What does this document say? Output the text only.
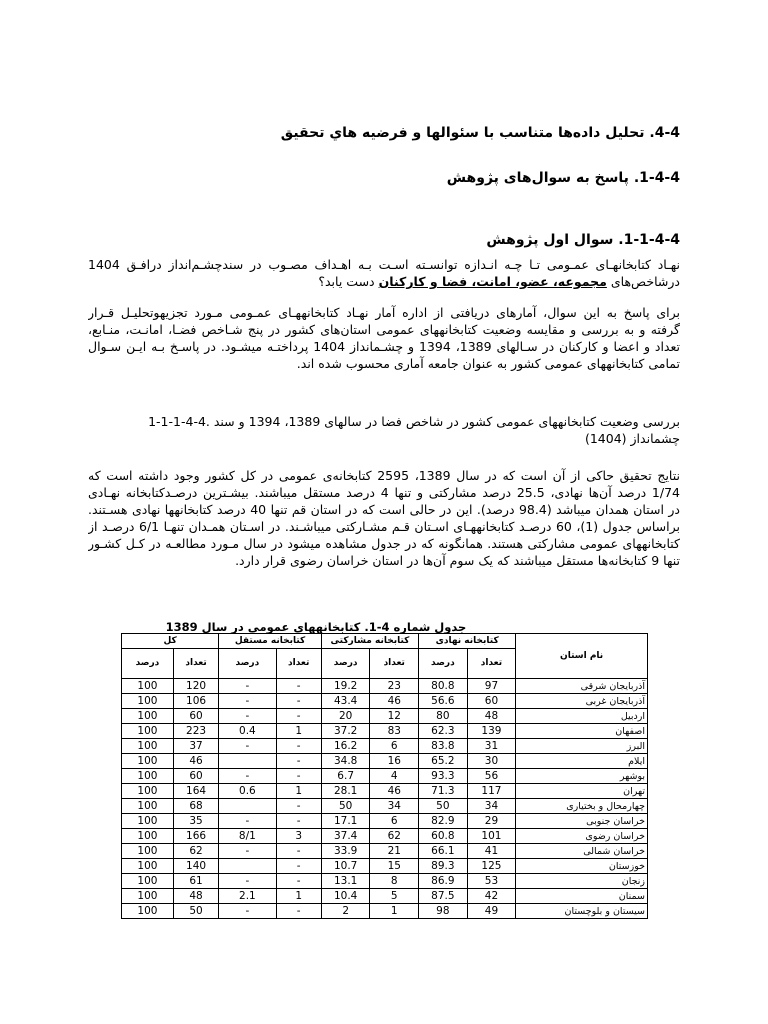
4-4. تحلیل داده‌ها متناسب با سئوالها و فرضیه هاي تحقیق
1-4-4. پاسخ به سوال‌های پژوهش
1-1-4-4. سوال اول پژوهش
نهـاد کتابخانهـای عمـومی تـا چـه انـدازه توانسـته اسـت بـه اهـداف مصـوب در سندچشـم‌انداز درافـق 1404
درشاخص‌های مجموعه، عضو، امانت، فضا و کارکنان دست یابد؟
برای پاسخ به این سوال، آمارهای دریافتی از اداره آمار نهـاد کتابخانههـای عمـومی مـورد تجزیهوتحلیـل قـرار
گرفته و به بررسی و مقایسه وضعیت کتابخانههای عمومی استان‌های کشور در پنج شـاخص فضـا، امانـت، منـابع،
تعداد و اعضا و کارکنان در سـالهای 1389، 1394 و چشـمانداز 1404 پرداختـه میشـود. در پاسـخ بـه ایـن سـوال
تمامی کتابخانههای عمومی کشور به عنوان جامعه آماری محسوب شده اند.
بررسی وضعیت کتابخانههای عمومی کشور در شاخص فضا در سالهای 1389، 1394 و سند .4-4-1-1-1
چشمانداز (1404)
نتایج تحقیق حاکی از آن است که در سال 1389، 2595 کتابخانه‌ی عمومی در کل کشور وجود داشته است که
1/74 درصد آن‌ها نهادی، 25.5 درصد مشارکتی و تنها 4 درصد مستقل میباشند. بیشـترین درصـدکتابخانه نهـادی
در استان همدان میباشد (98.4 درصد). این در حالی است که در استان قم تنها 40 درصد کتابخانهها نهادی هسـتند.
براساس جدول (1)، 60 درصـد کتابخانههـای اسـتان قـم مشـارکتی میباشـند. در اسـتان همـدان تنهـا 6/1 درصـد از
کتابخانههای عمومی مشارکتی هستند. همانگونه که در جدول مشاهده میشود در سال مـورد مطالعـه در کـل کشـور
تنها 9 کتابخانه‌ها مستقل میباشند که یک سوم آن‌ها در استان خراسان رضوی قرار دارد.
جدول شماره 4-1. کتابخانههای عمومی در سال 1389
نام استان	کتابخانه نهادی		کتابخانه مشارکتی		کتابخانه مستقل		کل	
	تعداد	درصد	تعداد	درصد	تعداد	درصد	تعداد	درصد
آذربایجان شرقی	97	80.8	23	19.2	-	-	120	100
آذربایجان غربی	60	56.6	46	43.4	-	-	106	100
اردبیل	48	80	12	20	-	-	60	100
اصفهان	139	62.3	83	37.2	1	0.4	223	100
البرز	31	83.8	6	16.2	-	-	37	100
ایلام	30	65.2	16	34.8	-		46	100
بوشهر	56	93.3	4	6.7	-	-	60	100
تهران	117	71.3	46	28.1	1	0.6	164	100
چهارمحال و بختیاری	34	50	34	50	-		68	100
خراسان جنوبی	29	82.9	6	17.1	-	-	35	100
خراسان رضوی	101	60.8	62	37.4	3	8/1	166	100
خراسان شمالی	41	66.1	21	33.9	-	-	62	100
خوزستان	125	89.3	15	10.7	-		140	100
زنجان	53	86.9	8	13.1	-	-	61	100
سمنان	42	87.5	5	10.4	1	2.1	48	100
سیستان و بلوچستان	49	98	1	2	-	-	50	100
